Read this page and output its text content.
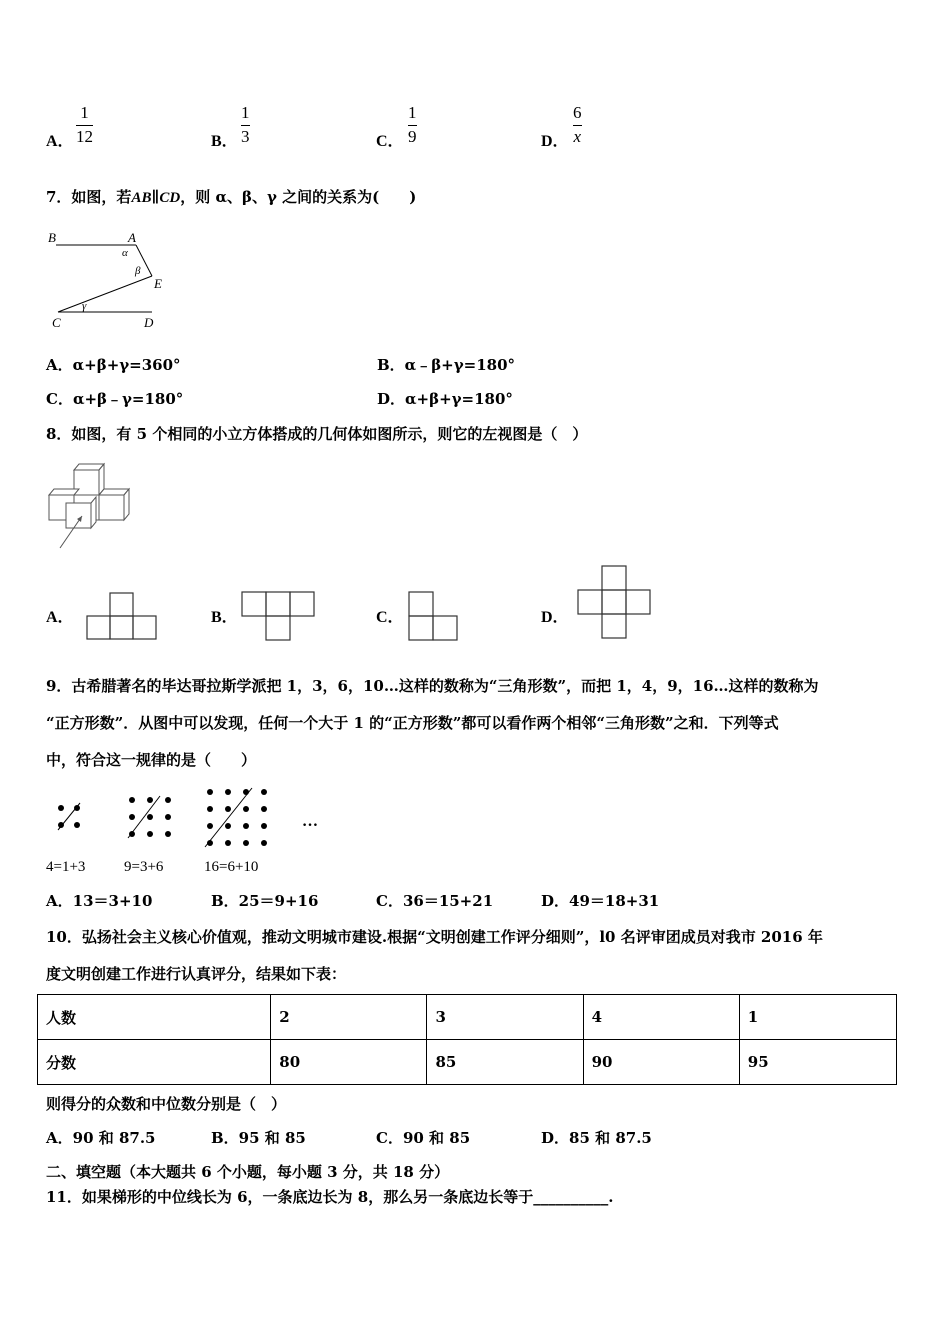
A．
1
12	B．
1
3	C．
1
9	D．
6
x
7．如图，若AB∥CD，则 α、β、γ 之间的关系为(　　)
B	A
E
C	D
α
β
γ
A．α+β+γ=360°	B．α﹣β+γ=180°
C．α+β﹣γ=180°	D．α+β+γ=180°
8．如图，有 5 个相同的小立方体搭成的几何体如图所示，则它的左视图是（　）
A．	B．	C．	D．
9．古希腊著名的毕达哥拉斯学派把 1，3，6，10…这样的数称为“三角形数”，而把 1，4，9，16…这样的数称为
“正方形数”．从图中可以发现，任何一个大于 1 的“正方形数”都可以看作两个相邻“三角形数”之和．下列等式
中，符合这一规律的是（　　）
…
4=1+3	9=3+6	16=6+10
A．13＝3+10	B．25＝9+16	C．36＝15+21	D．49＝18+31
10．弘扬社会主义核心价值观，推动文明城市建设.根据“文明创建工作评分细则”，l0 名评审团成员对我市 2016 年
度文明创建工作进行认真评分，结果如下表：
人数	2	3	4	1
分数	80	85	90	95
则得分的众数和中位数分别是（　）
A．90 和 87.5	B．95 和 85	C．90 和 85	D．85 和 87.5
二、填空题（本大题共 6 个小题，每小题 3 分，共 18 分）
11．如果梯形的中位线长为 6，一条底边长为 8，那么另一条底边长等于__________.
